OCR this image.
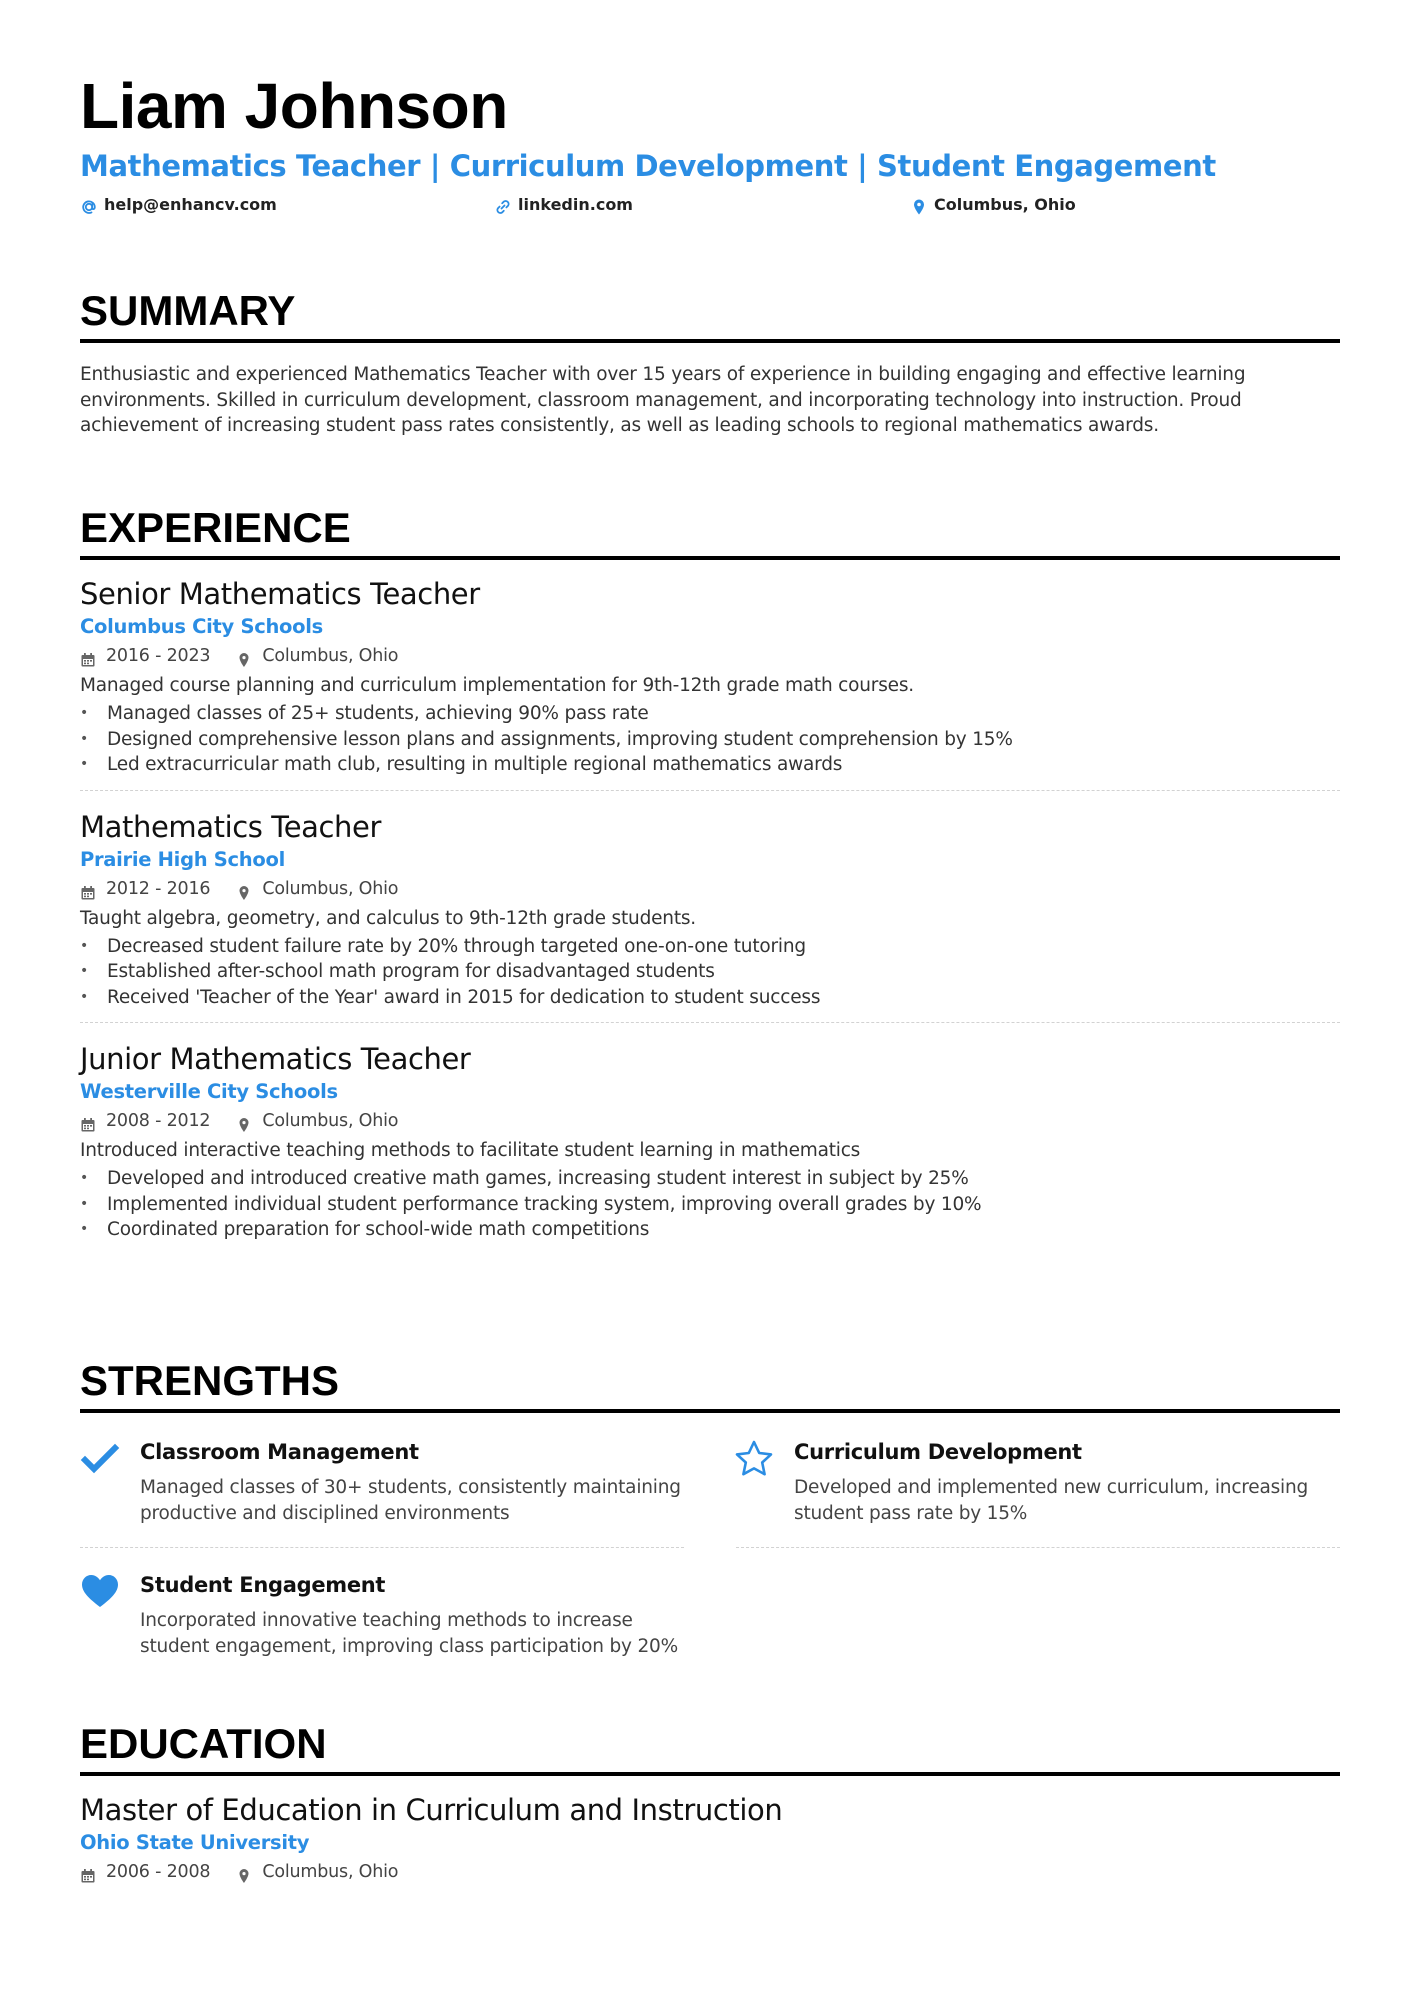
Liam Johnson
Mathematics Teacher | Curriculum Development | Student Engagement
help@enhancv.com	linkedin.com	Columbus, Ohio
SUMMARY
Enthusiastic and experienced Mathematics Teacher with over 15 years of experience in building engaging and effective learning environments. Skilled in curriculum development, classroom management, and incorporating technology into instruction. Proud achievement of increasing student pass rates consistently, as well as leading schools to regional mathematics awards.
EXPERIENCE
Senior Mathematics Teacher
Columbus City Schools
2016 - 2023	Columbus, Ohio
Managed course planning and curriculum implementation for 9th-12th grade math courses.
• Managed classes of 25+ students, achieving 90% pass rate
• Designed comprehensive lesson plans and assignments, improving student comprehension by 15%
• Led extracurricular math club, resulting in multiple regional mathematics awards
Mathematics Teacher
Prairie High School
2012 - 2016	Columbus, Ohio
Taught algebra, geometry, and calculus to 9th-12th grade students.
• Decreased student failure rate by 20% through targeted one-on-one tutoring
• Established after-school math program for disadvantaged students
• Received 'Teacher of the Year' award in 2015 for dedication to student success
Junior Mathematics Teacher
Westerville City Schools
2008 - 2012	Columbus, Ohio
Introduced interactive teaching methods to facilitate student learning in mathematics
• Developed and introduced creative math games, increasing student interest in subject by 25%
• Implemented individual student performance tracking system, improving overall grades by 10%
• Coordinated preparation for school-wide math competitions
STRENGTHS
Classroom Management
Managed classes of 30+ students, consistently maintaining productive and disciplined environments
Curriculum Development
Developed and implemented new curriculum, increasing student pass rate by 15%
Student Engagement
Incorporated innovative teaching methods to increase student engagement, improving class participation by 20%
EDUCATION
Master of Education in Curriculum and Instruction
Ohio State University
2006 - 2008	Columbus, Ohio
